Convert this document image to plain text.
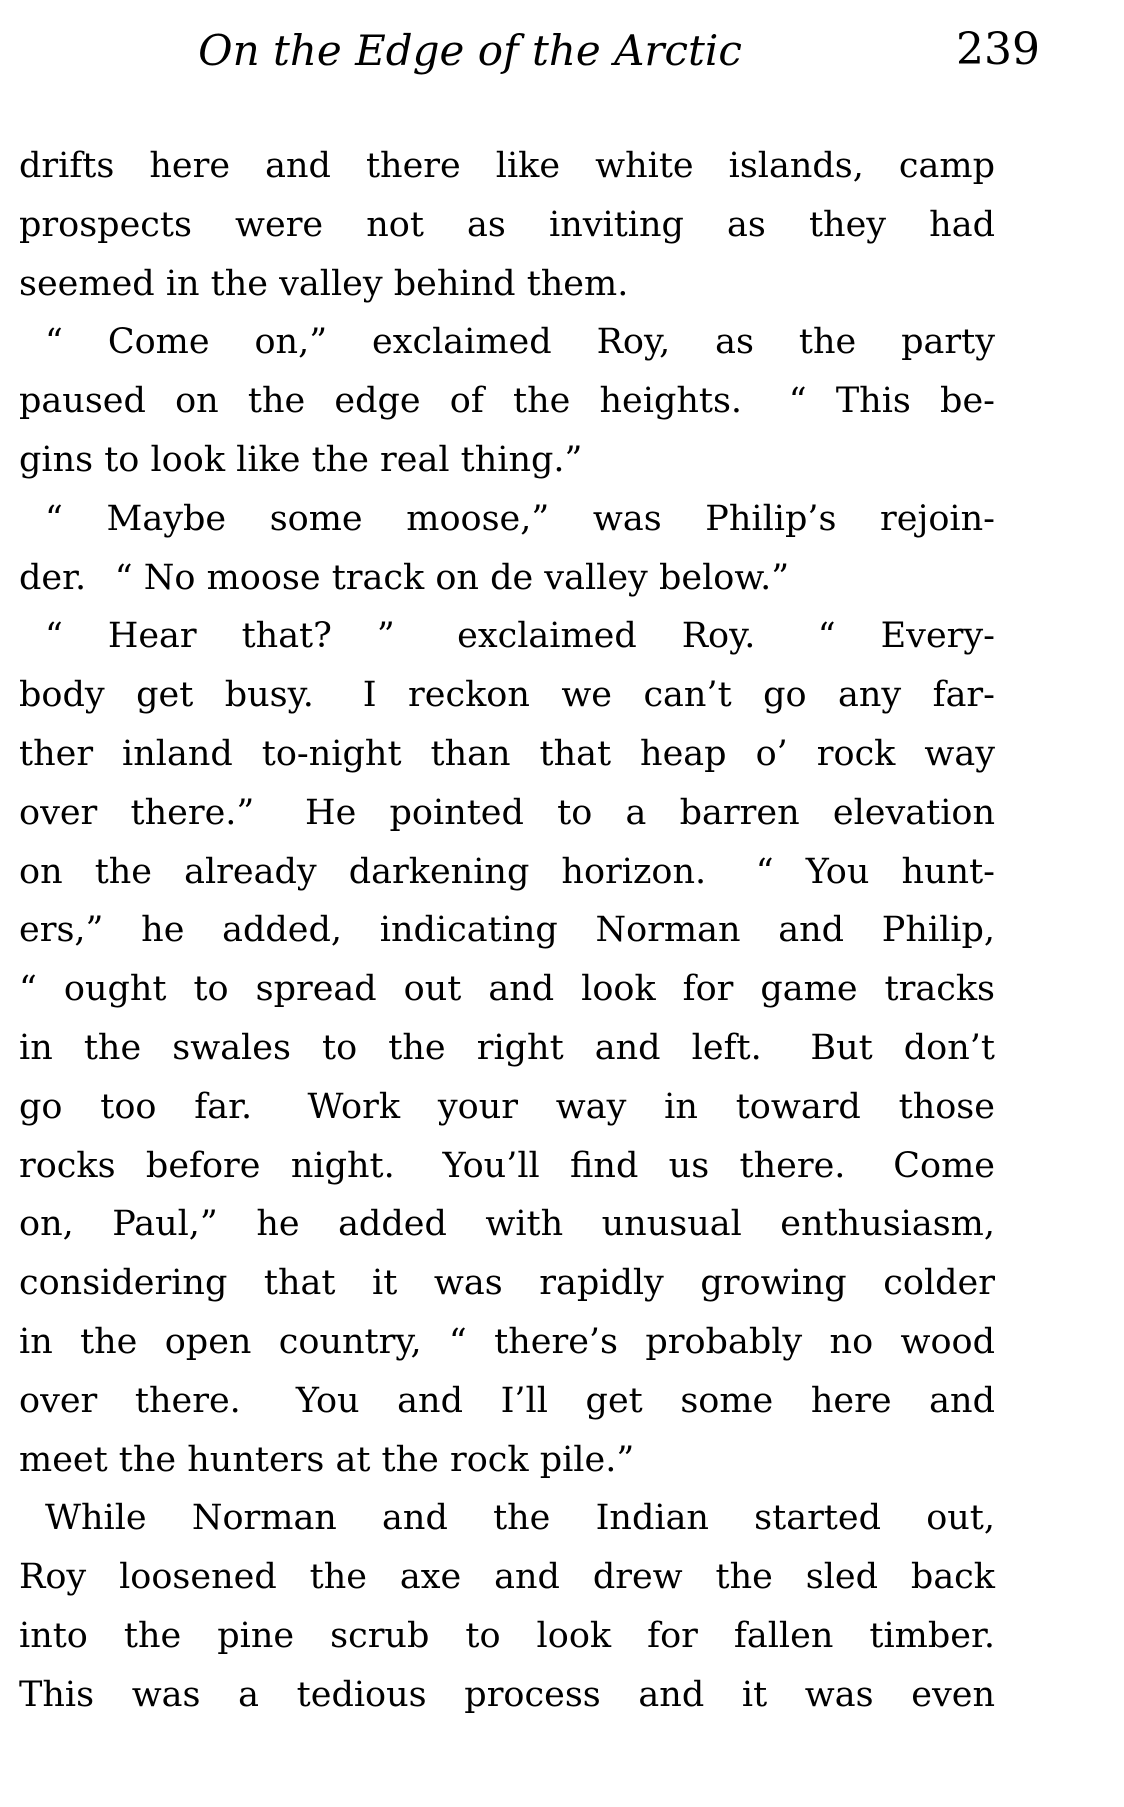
On the Edge of the Arctic	239
drifts here and there like white islands, camp
prospects were not as inviting as they had
seemed in the valley behind them.
“ Come on,” exclaimed Roy, as the party
paused on the edge of the heights.  “ This be-
gins to look like the real thing.”
“ Maybe some moose,” was Philip’s rejoin-
der.  “ No moose track on de valley below.”
“ Hear that? ”  exclaimed Roy.  “ Every-
body get busy.  I reckon we can’t go any far-
ther inland to-night than that heap o’ rock way
over there.”  He pointed to a barren elevation
on the already darkening horizon.  “ You hunt-
ers,” he added, indicating Norman and Philip,
“ ought to spread out and look for game tracks
in the swales to the right and left.  But don’t
go too far.  Work your way in toward those
rocks before night.  You’ll find us there.  Come
on, Paul,” he added with unusual enthusiasm,
considering that it was rapidly growing colder
in the open country, “ there’s probably no wood
over there.  You and I’ll get some here and
meet the hunters at the rock pile.”
While Norman and the Indian started out,
Roy loosened the axe and drew the sled back
into the pine scrub to look for fallen timber.
This was a tedious process and it was even
